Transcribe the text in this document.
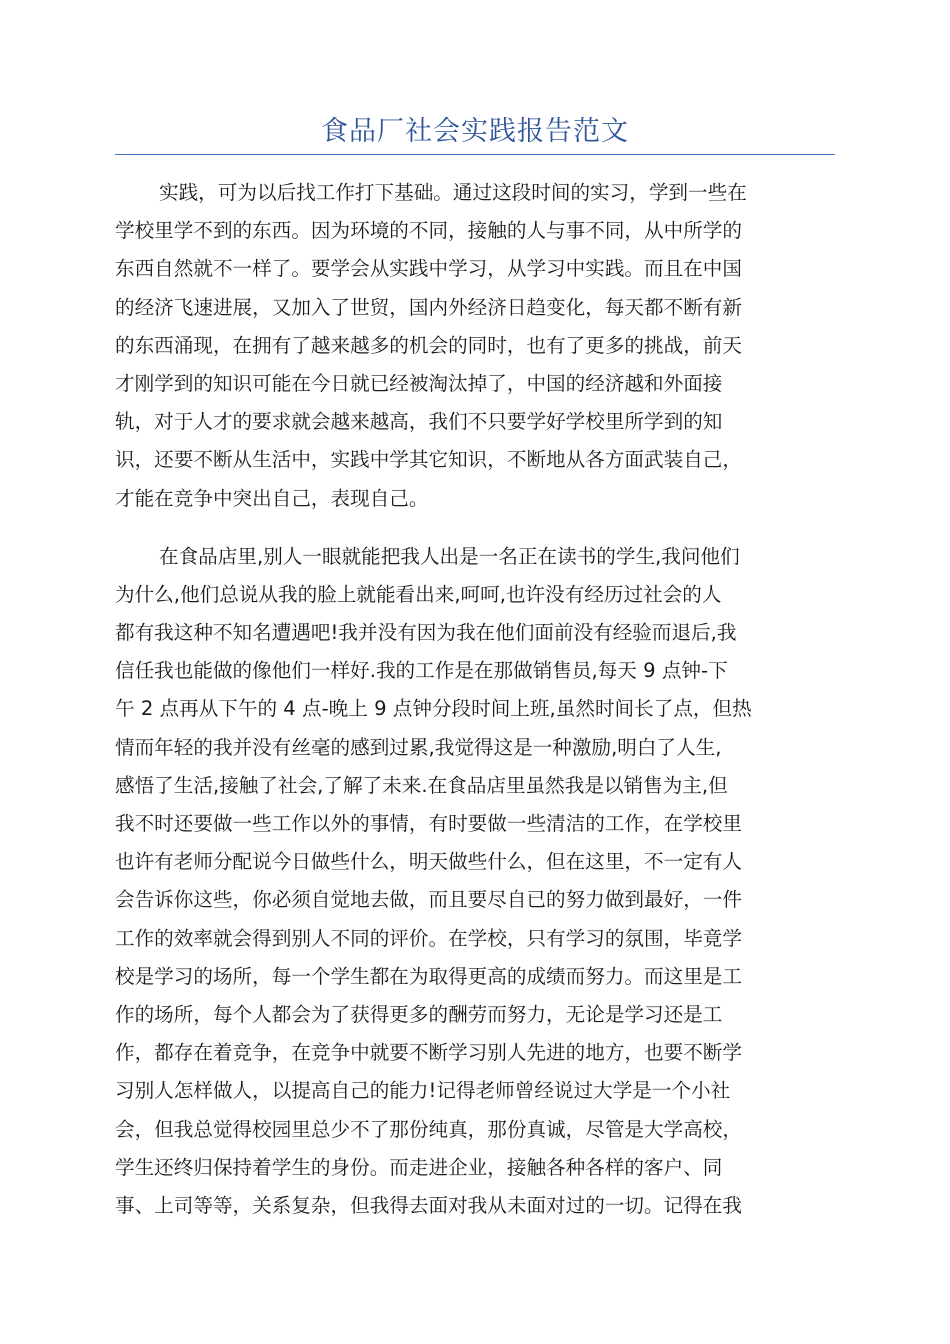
食品厂社会实践报告范文
实践，可为以后找工作打下基础。通过这段时间的实习，学到一些在
学校里学不到的东西。因为环境的不同，接触的人与事不同，从中所学的
东西自然就不一样了。要学会从实践中学习，从学习中实践。而且在中国
的经济飞速进展，又加入了世贸，国内外经济日趋变化，每天都不断有新
的东西涌现，在拥有了越来越多的机会的同时，也有了更多的挑战，前天
才刚学到的知识可能在今日就已经被淘汰掉了，中国的经济越和外面接
轨，对于人才的要求就会越来越高，我们不只要学好学校里所学到的知
识，还要不断从生活中，实践中学其它知识，不断地从各方面武装自己，
才能在竞争中突出自己，表现自己。
在食品店里,别人一眼就能把我人出是一名正在读书的学生,我问他们
为什么,他们总说从我的脸上就能看出来,呵呵,也许没有经历过社会的人
都有我这种不知名遭遇吧!我并没有因为我在他们面前没有经验而退后,我
信任我也能做的像他们一样好.我的工作是在那做销售员,每天 9 点钟-下
午 2 点再从下午的 4 点-晚上 9 点钟分段时间上班,虽然时间长了点，但热
情而年轻的我并没有丝毫的感到过累,我觉得这是一种激励,明白了人生,
感悟了生活,接触了社会,了解了未来.在食品店里虽然我是以销售为主,但
我不时还要做一些工作以外的事情，有时要做一些清洁的工作，在学校里
也许有老师分配说今日做些什么，明天做些什么，但在这里，不一定有人
会告诉你这些，你必须自觉地去做，而且要尽自已的努力做到最好，一件
工作的效率就会得到别人不同的评价。在学校，只有学习的氛围，毕竟学
校是学习的场所，每一个学生都在为取得更高的成绩而努力。而这里是工
作的场所，每个人都会为了获得更多的酬劳而努力，无论是学习还是工
作，都存在着竞争，在竞争中就要不断学习别人先进的地方，也要不断学
习别人怎样做人，以提高自己的能力!记得老师曾经说过大学是一个小社
会，但我总觉得校园里总少不了那份纯真，那份真诚，尽管是大学高校，
学生还终归保持着学生的身份。而走进企业，接触各种各样的客户、同
事、上司等等，关系复杂，但我得去面对我从未面对过的一切。记得在我
